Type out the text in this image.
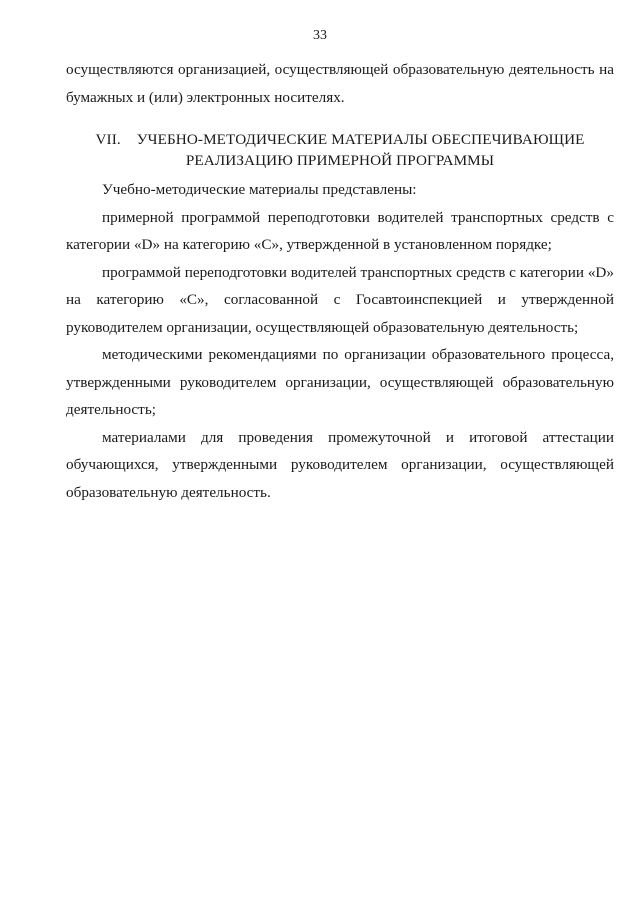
33

осуществляются организацией, осуществляющей образовательную деятельность на бумажных и (или) электронных носителях.

VII. УЧЕБНО-МЕТОДИЧЕСКИЕ МАТЕРИАЛЫ ОБЕСПЕЧИВАЮЩИЕ
РЕАЛИЗАЦИЮ ПРИМЕРНОЙ ПРОГРАММЫ

Учебно-методические материалы представлены:

примерной программой переподготовки водителей транспортных средств с категории «D» на категорию «C», утвержденной в установленном порядке;

программой переподготовки водителей транспортных средств с категории «D» на категорию «C», согласованной с Госавтоинспекцией и утвержденной руководителем организации, осуществляющей образовательную деятельность;

методическими рекомендациями по организации образовательного процесса, утвержденными руководителем организации, осуществляющей образовательную деятельность;

материалами для проведения промежуточной и итоговой аттестации обучающихся, утвержденными руководителем организации, осуществляющей образовательную деятельность.
